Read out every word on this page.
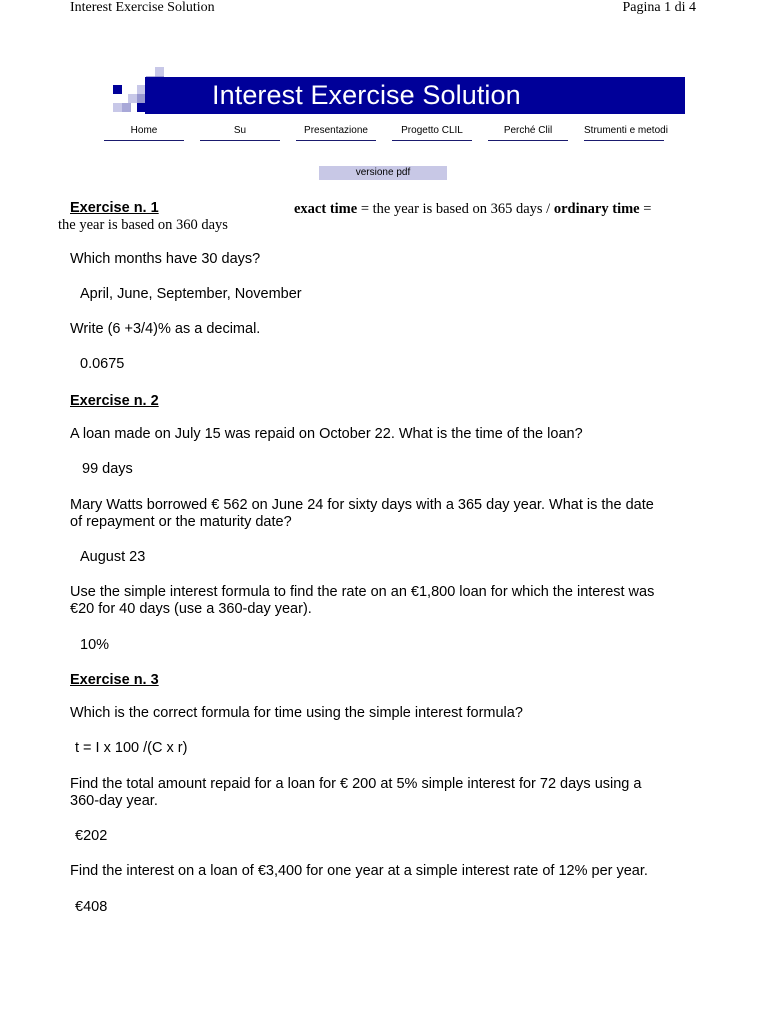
Interest Exercise Solution	Pagina 1 di 4
Interest Exercise Solution
Home	Su	Presentazione	Progetto CLIL	Perché Clil	Strumenti e metodi
versione pdf
Exercise n. 1	exact time = the year is based on 365 days / ordinary time =
the year is based on 360 days
Which months have 30 days?
April, June, September, November
Write (6 +3/4)% as a decimal.
0.0675
Exercise n. 2
A loan made on July 15 was repaid on October 22. What is the time of the loan?
99 days
Mary Watts borrowed € 562 on June 24 for sixty days with a 365 day year. What is the date
of repayment or the maturity date?
August 23
Use the simple interest formula to find the rate on an €1,800 loan for which the interest was
€20 for 40 days (use a 360-day year).
10%
Exercise n. 3
Which is the correct formula for time using the simple interest formula?
t = I x 100 /(C x r)
Find the total amount repaid for a loan for € 200 at 5% simple interest for 72 days using a
360-day year.
€202
Find the interest on a loan of €3,400 for one year at a simple interest rate of 12% per year.
€408
